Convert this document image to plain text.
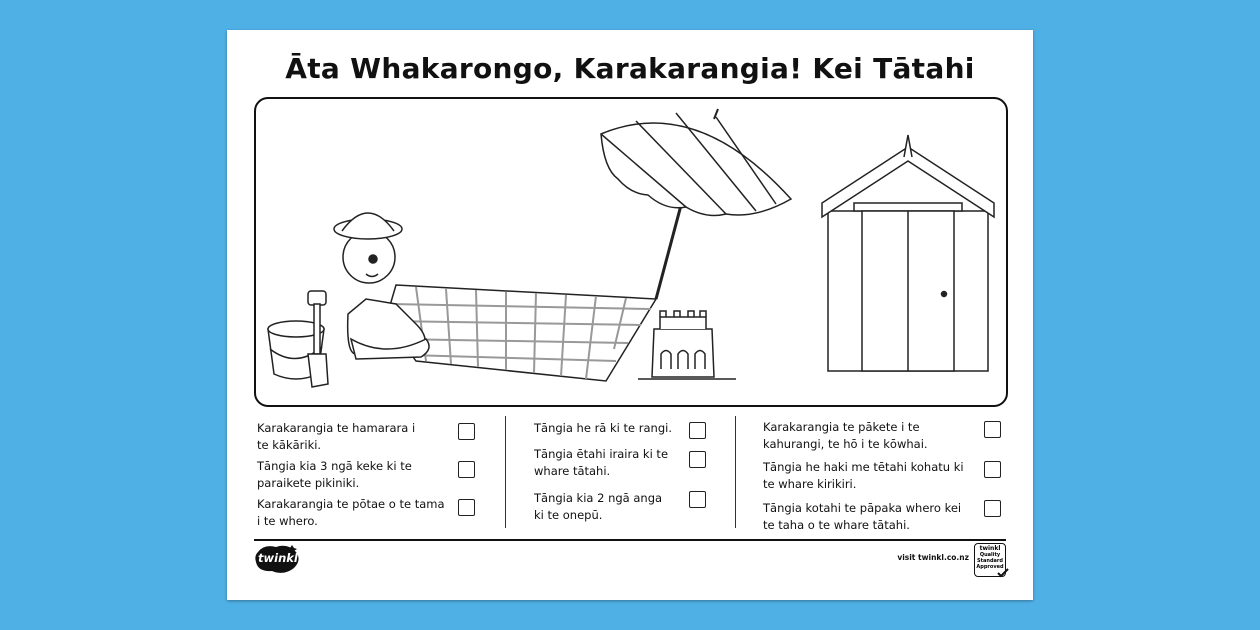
Āta Whakarongo, Karakarangia! Kei Tātahi
Karakarangia te hamarara i
te kākāriki.
Tāngia kia 3 ngā keke ki te
paraikete pikiniki.
Karakarangia te pōtae o te tama
i te whero.
Tāngia he rā ki te rangi.
Tāngia ētahi iraira ki te
whare tātahi.
Tāngia kia 2 ngā anga
ki te onepū.
Karakarangia te pākete i te
kahurangi, te hō i te kōwhai.
Tāngia he haki me tētahi kohatu ki
te whare kirikiri.
Tāngia kotahi te pāpaka whero kei
te taha o te whare tātahi.
twinkl	visit twinkl.co.nz
twinkl
Quality Standard
Approved
